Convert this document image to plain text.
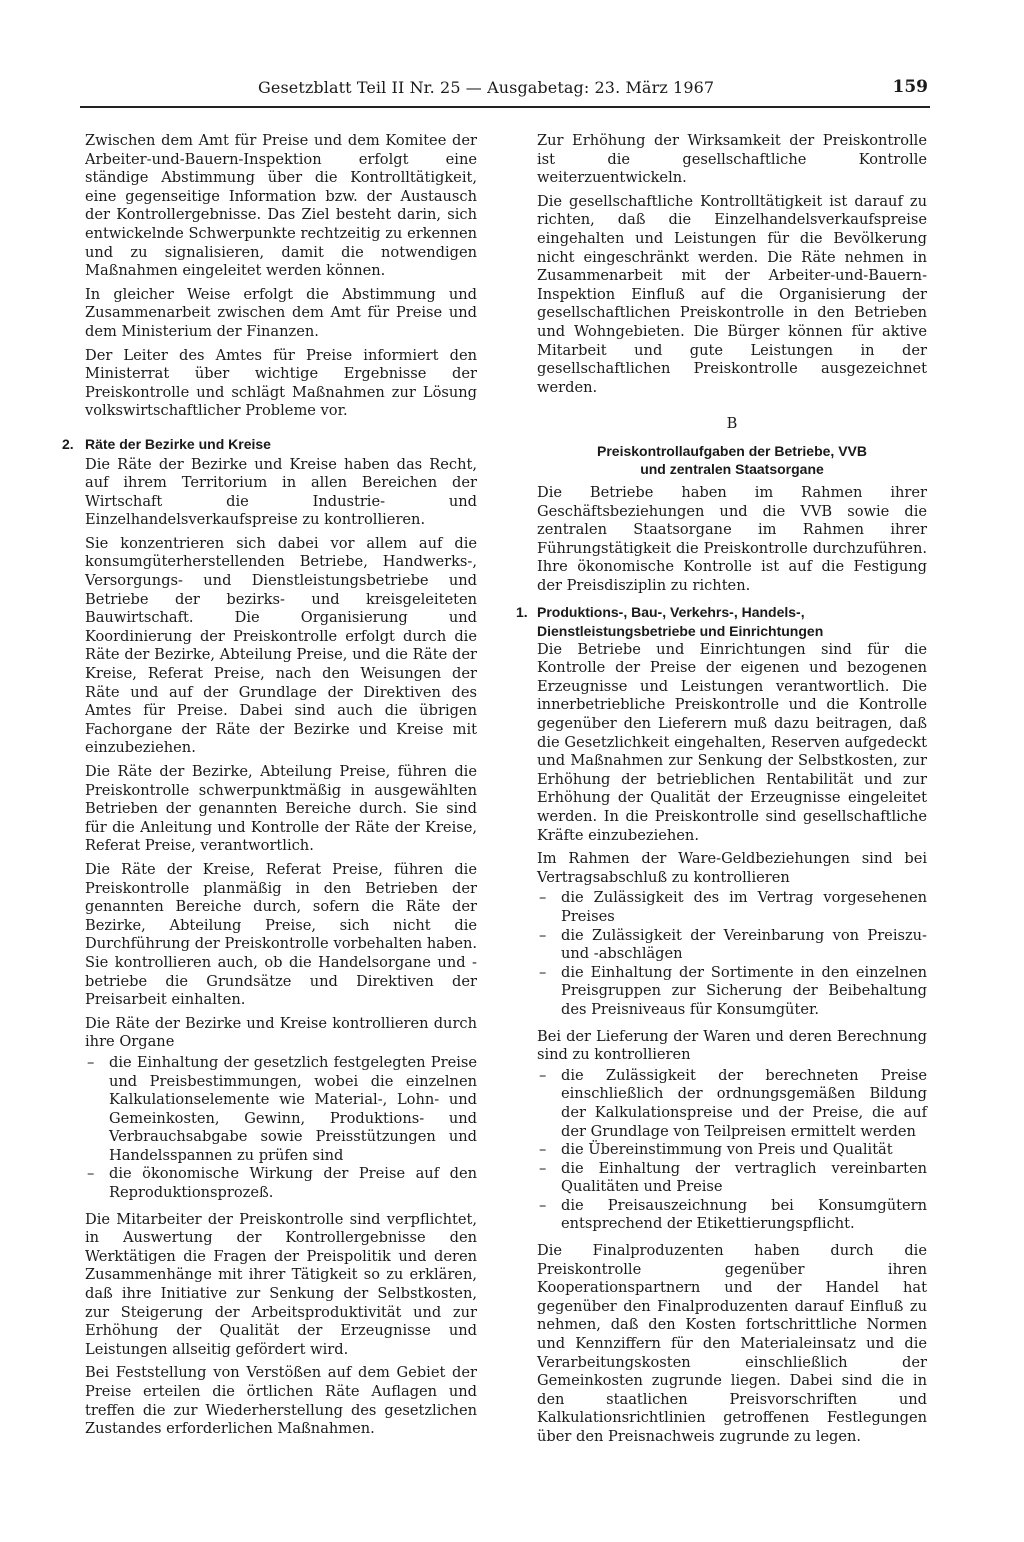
Gesetzblatt Teil II Nr. 25 — Ausgabetag: 23. März 1967	159

Zwischen dem Amt für Preise und dem Komitee der Arbeiter-und-Bauern-Inspektion erfolgt eine ständige Abstimmung über die Kontrolltätigkeit, eine gegenseitige Information bzw. der Austausch der Kontrollergebnisse. Das Ziel besteht darin, sich entwickelnde Schwerpunkte rechtzeitig zu erkennen und zu signalisieren, damit die notwendigen Maßnahmen eingeleitet werden können.

In gleicher Weise erfolgt die Abstimmung und Zusammenarbeit zwischen dem Amt für Preise und dem Ministerium der Finanzen.

Der Leiter des Amtes für Preise informiert den Ministerrat über wichtige Ergebnisse der Preiskontrolle und schlägt Maßnahmen zur Lösung volkswirtschaftlicher Probleme vor.

2. Räte der Bezirke und Kreise

Die Räte der Bezirke und Kreise haben das Recht, auf ihrem Territorium in allen Bereichen der Wirtschaft die Industrie- und Einzelhandelsverkaufspreise zu kontrollieren.

Sie konzentrieren sich dabei vor allem auf die konsumgüterherstellenden Betriebe, Handwerks-, Versorgungs- und Dienstleistungsbetriebe und Betriebe der bezirks- und kreisgeleiteten Bauwirtschaft. Die Organisierung und Koordinierung der Preiskontrolle erfolgt durch die Räte der Bezirke, Abteilung Preise, und die Räte der Kreise, Referat Preise, nach den Weisungen der Räte und auf der Grundlage der Direktiven des Amtes für Preise. Dabei sind auch die übrigen Fachorgane der Räte der Bezirke und Kreise mit einzubeziehen.

Die Räte der Bezirke, Abteilung Preise, führen die Preiskontrolle schwerpunktmäßig in ausgewählten Betrieben der genannten Bereiche durch. Sie sind für die Anleitung und Kontrolle der Räte der Kreise, Referat Preise, verantwortlich.

Die Räte der Kreise, Referat Preise, führen die Preiskontrolle planmäßig in den Betrieben der genannten Bereiche durch, sofern die Räte der Bezirke, Abteilung Preise, sich nicht die Durchführung der Preiskontrolle vorbehalten haben. Sie kontrollieren auch, ob die Handelsorgane und -betriebe die Grundsätze und Direktiven der Preisarbeit einhalten.

Die Räte der Bezirke und Kreise kontrollieren durch ihre Organe

– die Einhaltung der gesetzlich festgelegten Preise und Preisbestimmungen, wobei die einzelnen Kalkulationselemente wie Material-, Lohn- und Gemeinkosten, Gewinn, Produktions- und Verbrauchsabgabe sowie Preisstützungen und Handelsspannen zu prüfen sind
– die ökonomische Wirkung der Preise auf den Reproduktionsprozeß.

Die Mitarbeiter der Preiskontrolle sind verpflichtet, in Auswertung der Kontrollergebnisse den Werktätigen die Fragen der Preispolitik und deren Zusammenhänge mit ihrer Tätigkeit so zu erklären, daß ihre Initiative zur Senkung der Selbstkosten, zur Steigerung der Arbeitsproduktivität und zur Erhöhung der Qualität der Erzeugnisse und Leistungen allseitig gefördert wird.

Bei Feststellung von Verstößen auf dem Gebiet der Preise erteilen die örtlichen Räte Auflagen und treffen die zur Wiederherstellung des gesetzlichen Zustandes erforderlichen Maßnahmen.

Zur Erhöhung der Wirksamkeit der Preiskontrolle ist die gesellschaftliche Kontrolle weiterzuentwickeln.

Die gesellschaftliche Kontrolltätigkeit ist darauf zu richten, daß die Einzelhandelsverkaufspreise eingehalten und Leistungen für die Bevölkerung nicht eingeschränkt werden. Die Räte nehmen in Zusammenarbeit mit der Arbeiter-und-Bauern-Inspektion Einfluß auf die Organisierung der gesellschaftlichen Preiskontrolle in den Betrieben und Wohngebieten. Die Bürger können für aktive Mitarbeit und gute Leistungen in der gesellschaftlichen Preiskontrolle ausgezeichnet werden.

B
Preiskontrollaufgaben der Betriebe, VVB
und zentralen Staatsorgane

Die Betriebe haben im Rahmen ihrer Geschäftsbeziehungen und die VVB sowie die zentralen Staatsorgane im Rahmen ihrer Führungstätigkeit die Preiskontrolle durchzuführen. Ihre ökonomische Kontrolle ist auf die Festigung der Preisdisziplin zu richten.

1. Produktions-, Bau-, Verkehrs-, Handels-, Dienstleistungsbetriebe und Einrichtungen

Die Betriebe und Einrichtungen sind für die Kontrolle der Preise der eigenen und bezogenen Erzeugnisse und Leistungen verantwortlich. Die innerbetriebliche Preiskontrolle und die Kontrolle gegenüber den Lieferern muß dazu beitragen, daß die Gesetzlichkeit eingehalten, Reserven aufgedeckt und Maßnahmen zur Senkung der Selbstkosten, zur Erhöhung der betrieblichen Rentabilität und zur Erhöhung der Qualität der Erzeugnisse eingeleitet werden. In die Preiskontrolle sind gesellschaftliche Kräfte einzubeziehen.

Im Rahmen der Ware-Geldbeziehungen sind bei Vertragsabschluß zu kontrollieren

– die Zulässigkeit des im Vertrag vorgesehenen Preises
– die Zulässigkeit der Vereinbarung von Preiszu- und -abschlägen
– die Einhaltung der Sortimente in den einzelnen Preisgruppen zur Sicherung der Beibehaltung des Preisniveaus für Konsumgüter.

Bei der Lieferung der Waren und deren Berechnung sind zu kontrollieren

– die Zulässigkeit der berechneten Preise einschließlich der ordnungsgemäßen Bildung der Kalkulationspreise und der Preise, die auf der Grundlage von Teilpreisen ermittelt werden
– die Übereinstimmung von Preis und Qualität
– die Einhaltung der vertraglich vereinbarten Qualitäten und Preise
– die Preisauszeichnung bei Konsumgütern entsprechend der Etikettierungspflicht.

Die Finalproduzenten haben durch die Preiskontrolle gegenüber ihren Kooperationspartnern und der Handel hat gegenüber den Finalproduzenten darauf Einfluß zu nehmen, daß den Kosten fortschrittliche Normen und Kennziffern für den Materialeinsatz und die Verarbeitungskosten einschließlich der Gemeinkosten zugrunde liegen. Dabei sind die in den staatlichen Preisvorschriften und Kalkulationsrichtlinien getroffenen Festlegungen über den Preisnachweis zugrunde zu legen.
